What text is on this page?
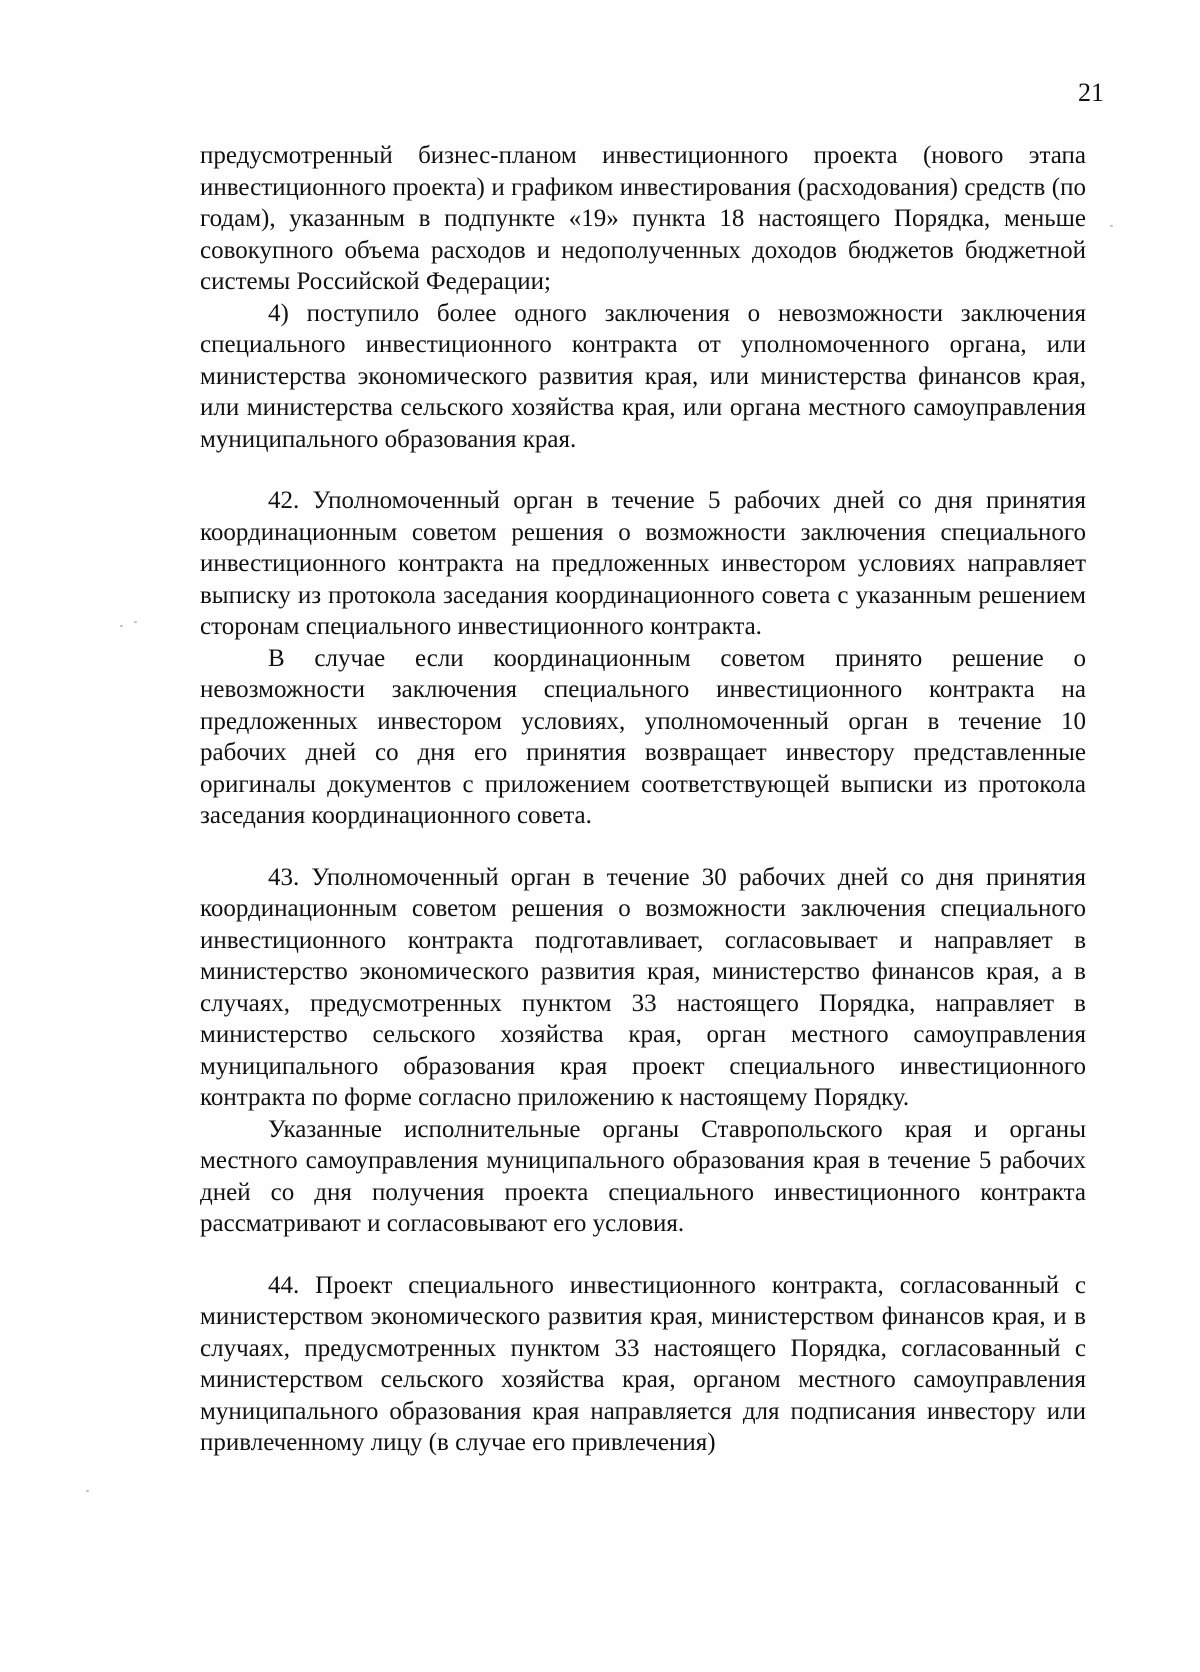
21

предусмотренный бизнес-планом инвестиционного проекта (нового этапа инвестиционного проекта) и графиком инвестирования (расходования) средств (по годам), указанным в подпункте «19» пункта 18 настоящего Порядка, меньше совокупного объема расходов и недополученных доходов бюджетов бюджетной системы Российской Федерации;

4) поступило более одного заключения о невозможности заключения специального инвестиционного контракта от уполномоченного органа, или министерства экономического развития края, или министерства финансов края, или министерства сельского хозяйства края, или органа местного самоуправления муниципального образования края.

42. Уполномоченный орган в течение 5 рабочих дней со дня принятия координационным советом решения о возможности заключения специального инвестиционного контракта на предложенных инвестором условиях направляет выписку из протокола заседания координационного совета с указанным решением сторонам специального инвестиционного контракта.

В случае если координационным советом принято решение о невозможности заключения специального инвестиционного контракта на предложенных инвестором условиях, уполномоченный орган в течение 10 рабочих дней со дня его принятия возвращает инвестору представленные оригиналы документов с приложением соответствующей выписки из протокола заседания координационного совета.

43. Уполномоченный орган в течение 30 рабочих дней со дня принятия координационным советом решения о возможности заключения специального инвестиционного контракта подготавливает, согласовывает и направляет в министерство экономического развития края, министерство финансов края, а в случаях, предусмотренных пунктом 33 настоящего Порядка, направляет в министерство сельского хозяйства края, орган местного самоуправления муниципального образования края проект специального инвестиционного контракта по форме согласно приложению к настоящему Порядку.

Указанные исполнительные органы Ставропольского края и органы местного самоуправления муниципального образования края в течение 5 рабочих дней со дня получения проекта специального инвестиционного контракта рассматривают и согласовывают его условия.

44. Проект специального инвестиционного контракта, согласованный с министерством экономического развития края, министерством финансов края, и в случаях, предусмотренных пунктом 33 настоящего Порядка, согласованный с министерством сельского хозяйства края, органом местного самоуправления муниципального образования края направляется для подписания инвестору или привлеченному лицу (в случае его привлечения)
